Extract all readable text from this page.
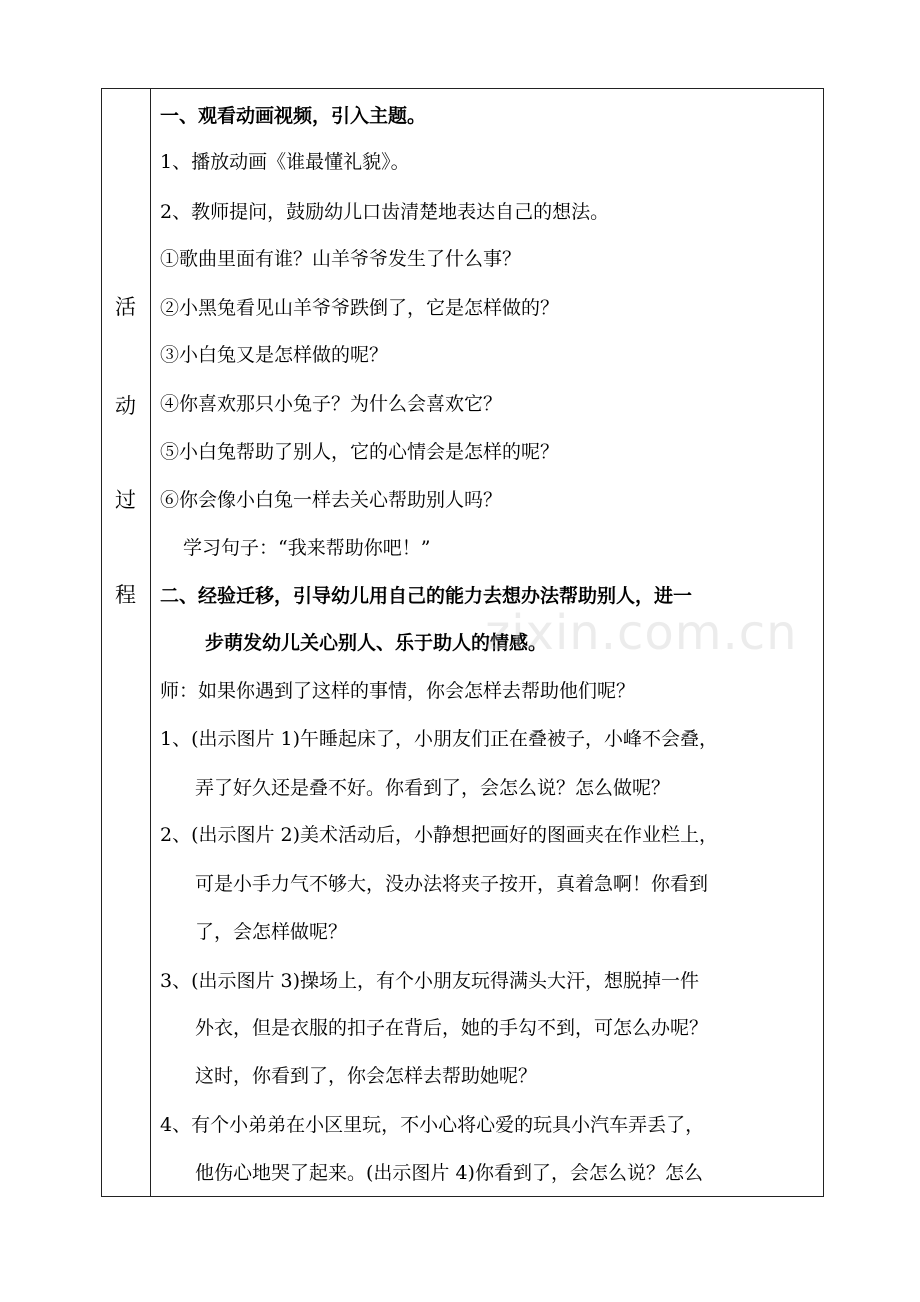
活
动
过
程
一、观看动画视频，引入主题。
1、播放动画《谁最懂礼貌》。
2、教师提问，鼓励幼儿口齿清楚地表达自己的想法。
①歌曲里面有谁？山羊爷爷发生了什么事？
②小黑兔看见山羊爷爷跌倒了，它是怎样做的？
③小白兔又是怎样做的呢？
④你喜欢那只小兔子？为什么会喜欢它？
⑤小白兔帮助了别人，它的心情会是怎样的呢？
⑥你会像小白兔一样去关心帮助别人吗？
学习句子：“我来帮助你吧！”
二、经验迁移，引导幼儿用自己的能力去想办法帮助别人，进一
步萌发幼儿关心别人、乐于助人的情感。
师：如果你遇到了这样的事情，你会怎样去帮助他们呢？
1、(出示图片 1)午睡起床了，小朋友们正在叠被子，小峰不会叠，
弄了好久还是叠不好。你看到了，会怎么说？怎么做呢？
2、(出示图片 2)美术活动后，小静想把画好的图画夹在作业栏上，
可是小手力气不够大，没办法将夹子按开，真着急啊！你看到
了，会怎样做呢？
3、(出示图片 3)操场上，有个小朋友玩得满头大汗，想脱掉一件
外衣，但是衣服的扣子在背后，她的手勾不到，可怎么办呢？
这时，你看到了，你会怎样去帮助她呢？
4、有个小弟弟在小区里玩，不小心将心爱的玩具小汽车弄丢了，
他伤心地哭了起来。(出示图片 4)你看到了，会怎么说？怎么
zixin.com.cn
